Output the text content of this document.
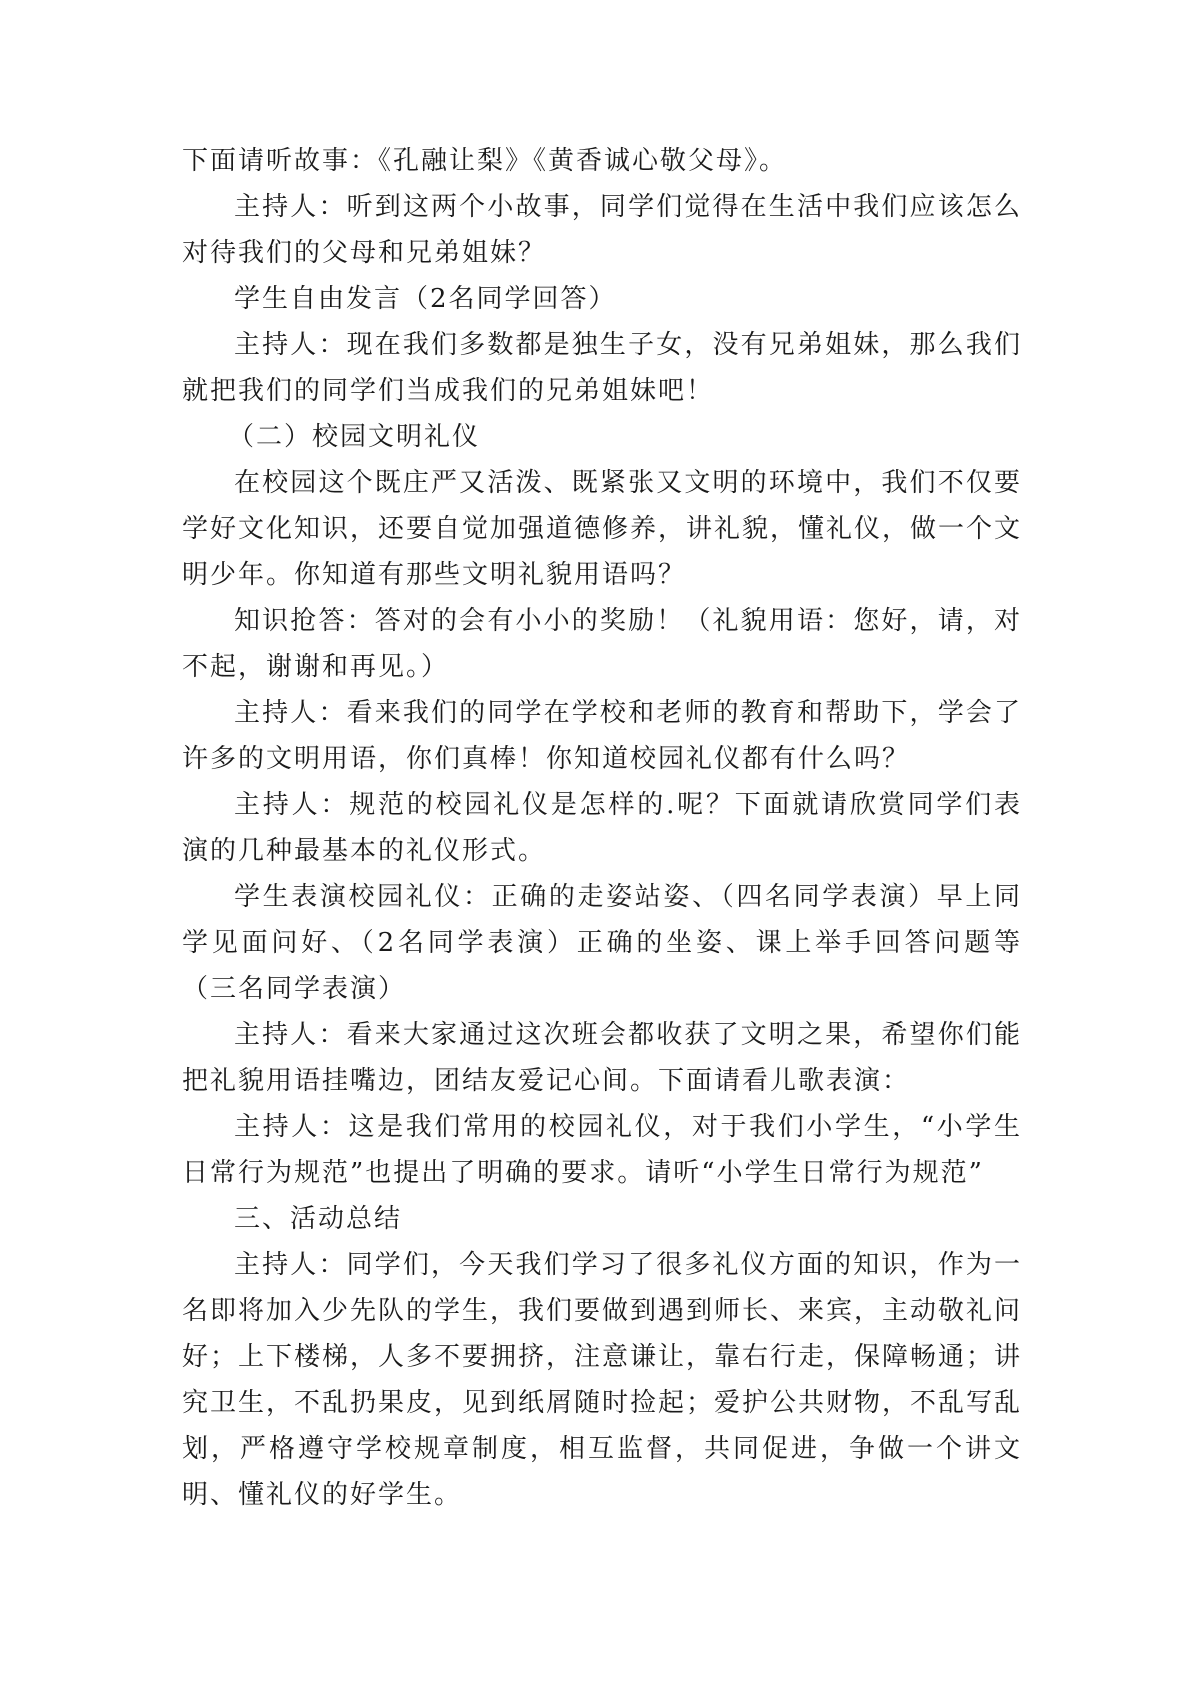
下面请听故事：《孔融让梨》《黄香诚心敬父母》。

主持人：听到这两个小故事，同学们觉得在生活中我们应该怎么对待我们的父母和兄弟姐妹？

学生自由发言（2名同学回答）

主持人：现在我们多数都是独生子女，没有兄弟姐妹，那么我们就把我们的同学们当成我们的兄弟姐妹吧！

（二）校园文明礼仪

在校园这个既庄严又活泼、既紧张又文明的环境中，我们不仅要学好文化知识，还要自觉加强道德修养，讲礼貌，懂礼仪，做一个文明少年。你知道有那些文明礼貌用语吗？

知识抢答：答对的会有小小的奖励！（礼貌用语：您好，请，对不起，谢谢和再见。）

主持人：看来我们的同学在学校和老师的教育和帮助下，学会了许多的文明用语，你们真棒！你知道校园礼仪都有什么吗？

主持人：规范的校园礼仪是怎样的.呢？下面就请欣赏同学们表演的几种最基本的礼仪形式。

学生表演校园礼仪：正确的走姿站姿、（四名同学表演）早上同学见面问好、（2名同学表演）正确的坐姿、课上举手回答问题等（三名同学表演）

主持人：看来大家通过这次班会都收获了文明之果，希望你们能把礼貌用语挂嘴边，团结友爱记心间。下面请看儿歌表演：

主持人：这是我们常用的校园礼仪，对于我们小学生，“小学生日常行为规范”也提出了明确的要求。请听“小学生日常行为规范”

三、活动总结

主持人：同学们，今天我们学习了很多礼仪方面的知识，作为一名即将加入少先队的学生，我们要做到遇到师长、来宾，主动敬礼问好；上下楼梯，人多不要拥挤，注意谦让，靠右行走，保障畅通；讲究卫生，不乱扔果皮，见到纸屑随时捡起；爱护公共财物，不乱写乱划，严格遵守学校规章制度，相互监督，共同促进，争做一个讲文明、懂礼仪的好学生。
